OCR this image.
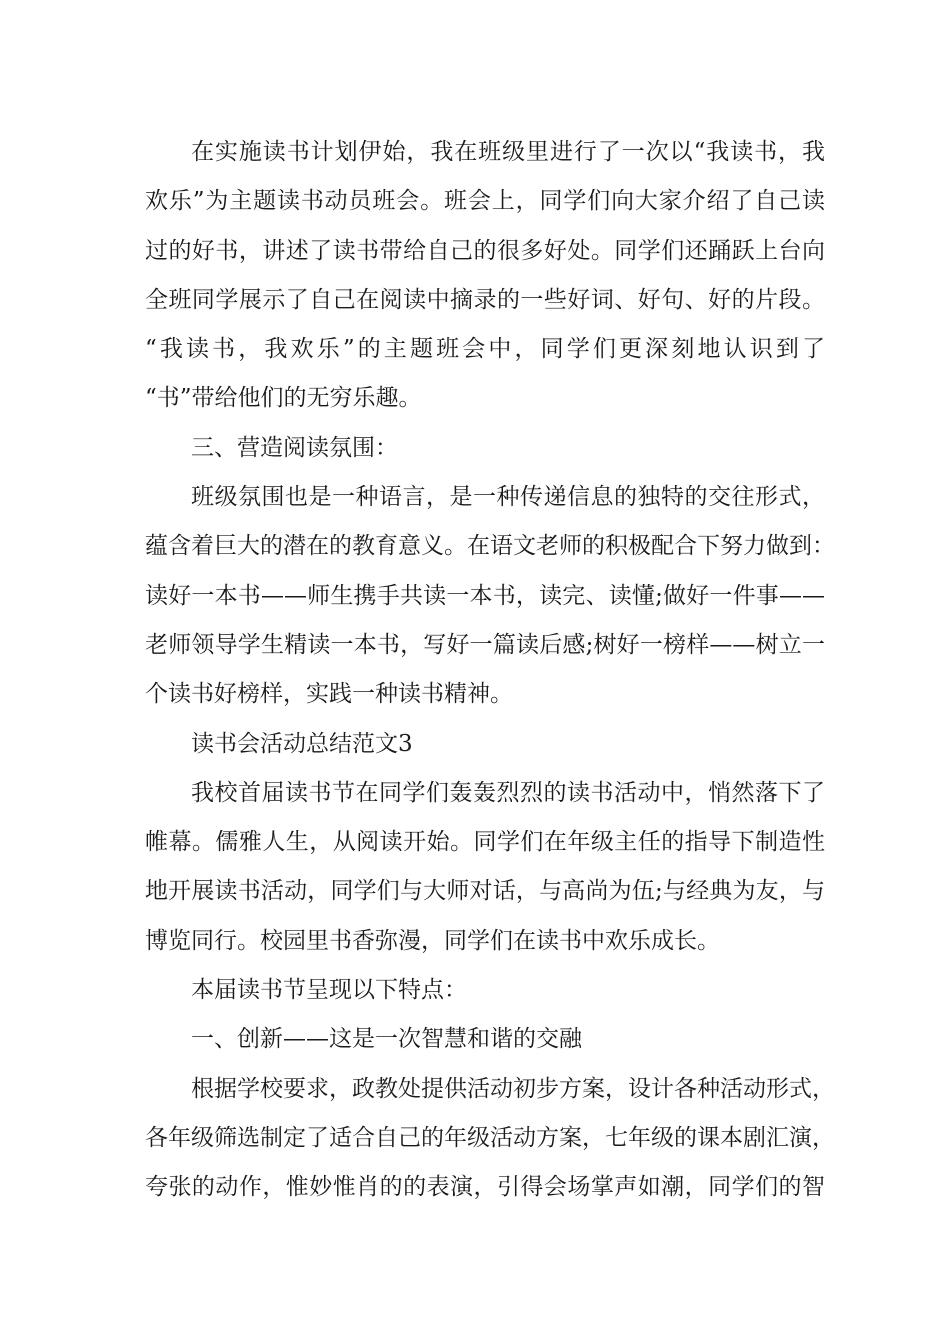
在实施读书计划伊始，我在班级里进行了一次以“我读书，我
欢乐”为主题读书动员班会。班会上，同学们向大家介绍了自己读
过的好书，讲述了读书带给自己的很多好处。同学们还踊跃上台向
全班同学展示了自己在阅读中摘录的一些好词、好句、好的片段。
“我读书，我欢乐”的主题班会中，同学们更深刻地认识到了
“书”带给他们的无穷乐趣。
三、营造阅读氛围：
班级氛围也是一种语言，是一种传递信息的独特的交往形式，
蕴含着巨大的潜在的教育意义。在语文老师的积极配合下努力做到：
读好一本书——师生携手共读一本书，读完、读懂;做好一件事——
老师领导学生精读一本书，写好一篇读后感;树好一榜样——树立一
个读书好榜样，实践一种读书精神。
读书会活动总结范文3
我校首届读书节在同学们轰轰烈烈的读书活动中，悄然落下了
帷幕。儒雅人生，从阅读开始。同学们在年级主任的指导下制造性
地开展读书活动，同学们与大师对话，与高尚为伍;与经典为友，与
博览同行。校园里书香弥漫，同学们在读书中欢乐成长。
本届读书节呈现以下特点：
一、创新——这是一次智慧和谐的交融
根据学校要求，政教处提供活动初步方案，设计各种活动形式，
各年级筛选制定了适合自己的年级活动方案，七年级的课本剧汇演，
夸张的动作，惟妙惟肖的的表演，引得会场掌声如潮，同学们的智
